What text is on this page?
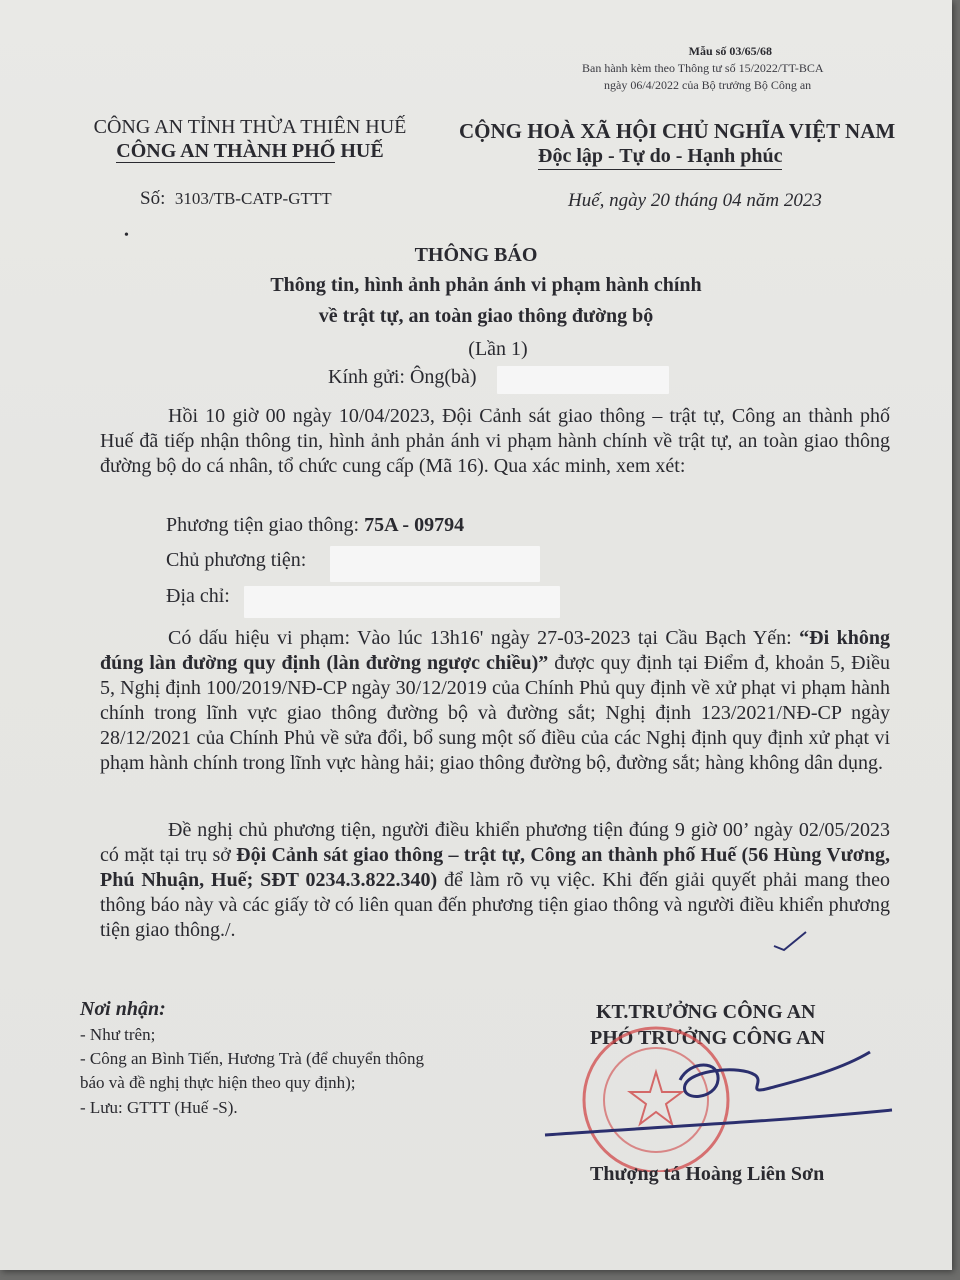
Mẫu số 03/65/68
Ban hành kèm theo Thông tư số 15/2022/TT-BCA
ngày 06/4/2022 của Bộ trưởng Bộ Công an
CÔNG AN TỈNH THỪA THIÊN HUẾ
CÔNG AN THÀNH PHỐ HUẾ
CỘNG HOÀ XÃ HỘI CHỦ NGHĨA VIỆT NAM
Độc lập - Tự do - Hạnh phúc
•
Số: 3103/TB-CATP-GTTT	Huế, ngày 20 tháng 04 năm 2023
THÔNG BÁO
Thông tin, hình ảnh phản ánh vi phạm hành chính
về trật tự, an toàn giao thông đường bộ
(Lần 1)
Kính gửi: Ông(bà)
Hồi 10 giờ 00 ngày 10/04/2023, Đội Cảnh sát giao thông – trật tự, Công an thành phố Huế đã tiếp nhận thông tin, hình ảnh phản ánh vi phạm hành chính về trật tự, an toàn giao thông đường bộ do cá nhân, tổ chức cung cấp (Mã 16). Qua xác minh, xem xét:
Phương tiện giao thông: 75A - 09794
Chủ phương tiện:
Địa chỉ:
Có dấu hiệu vi phạm: Vào lúc 13h16' ngày 27-03-2023 tại Cầu Bạch Yến: “Đi không đúng làn đường quy định (làn đường ngược chiều)” được quy định tại Điểm đ, khoản 5, Điều 5, Nghị định 100/2019/NĐ-CP ngày 30/12/2019 của Chính Phủ quy định về xử phạt vi phạm hành chính trong lĩnh vực giao thông đường bộ và đường sắt; Nghị định 123/2021/NĐ-CP ngày 28/12/2021 của Chính Phủ về sửa đổi, bổ sung một số điều của các Nghị định quy định xử phạt vi phạm hành chính trong lĩnh vực hàng hải; giao thông đường bộ, đường sắt; hàng không dân dụng.
Đề nghị chủ phương tiện, người điều khiển phương tiện đúng 9 giờ 00’ ngày 02/05/2023 có mặt tại trụ sở Đội Cảnh sát giao thông – trật tự, Công an thành phố Huế (56 Hùng Vương, Phú Nhuận, Huế; SĐT 0234.3.822.340) để làm rõ vụ việc. Khi đến giải quyết phải mang theo thông báo này và các giấy tờ có liên quan đến phương tiện giao thông và người điều khiển phương tiện giao thông./.
Nơi nhận:
- Như trên;
- Công an Bình Tiến, Hương Trà (để chuyển thông
báo và đề nghị thực hiện theo quy định);
- Lưu: GTTT (Huế -S).
KT.TRƯỞNG CÔNG AN
PHÓ TRƯỞNG CÔNG AN
Thượng tá Hoàng Liên Sơn
